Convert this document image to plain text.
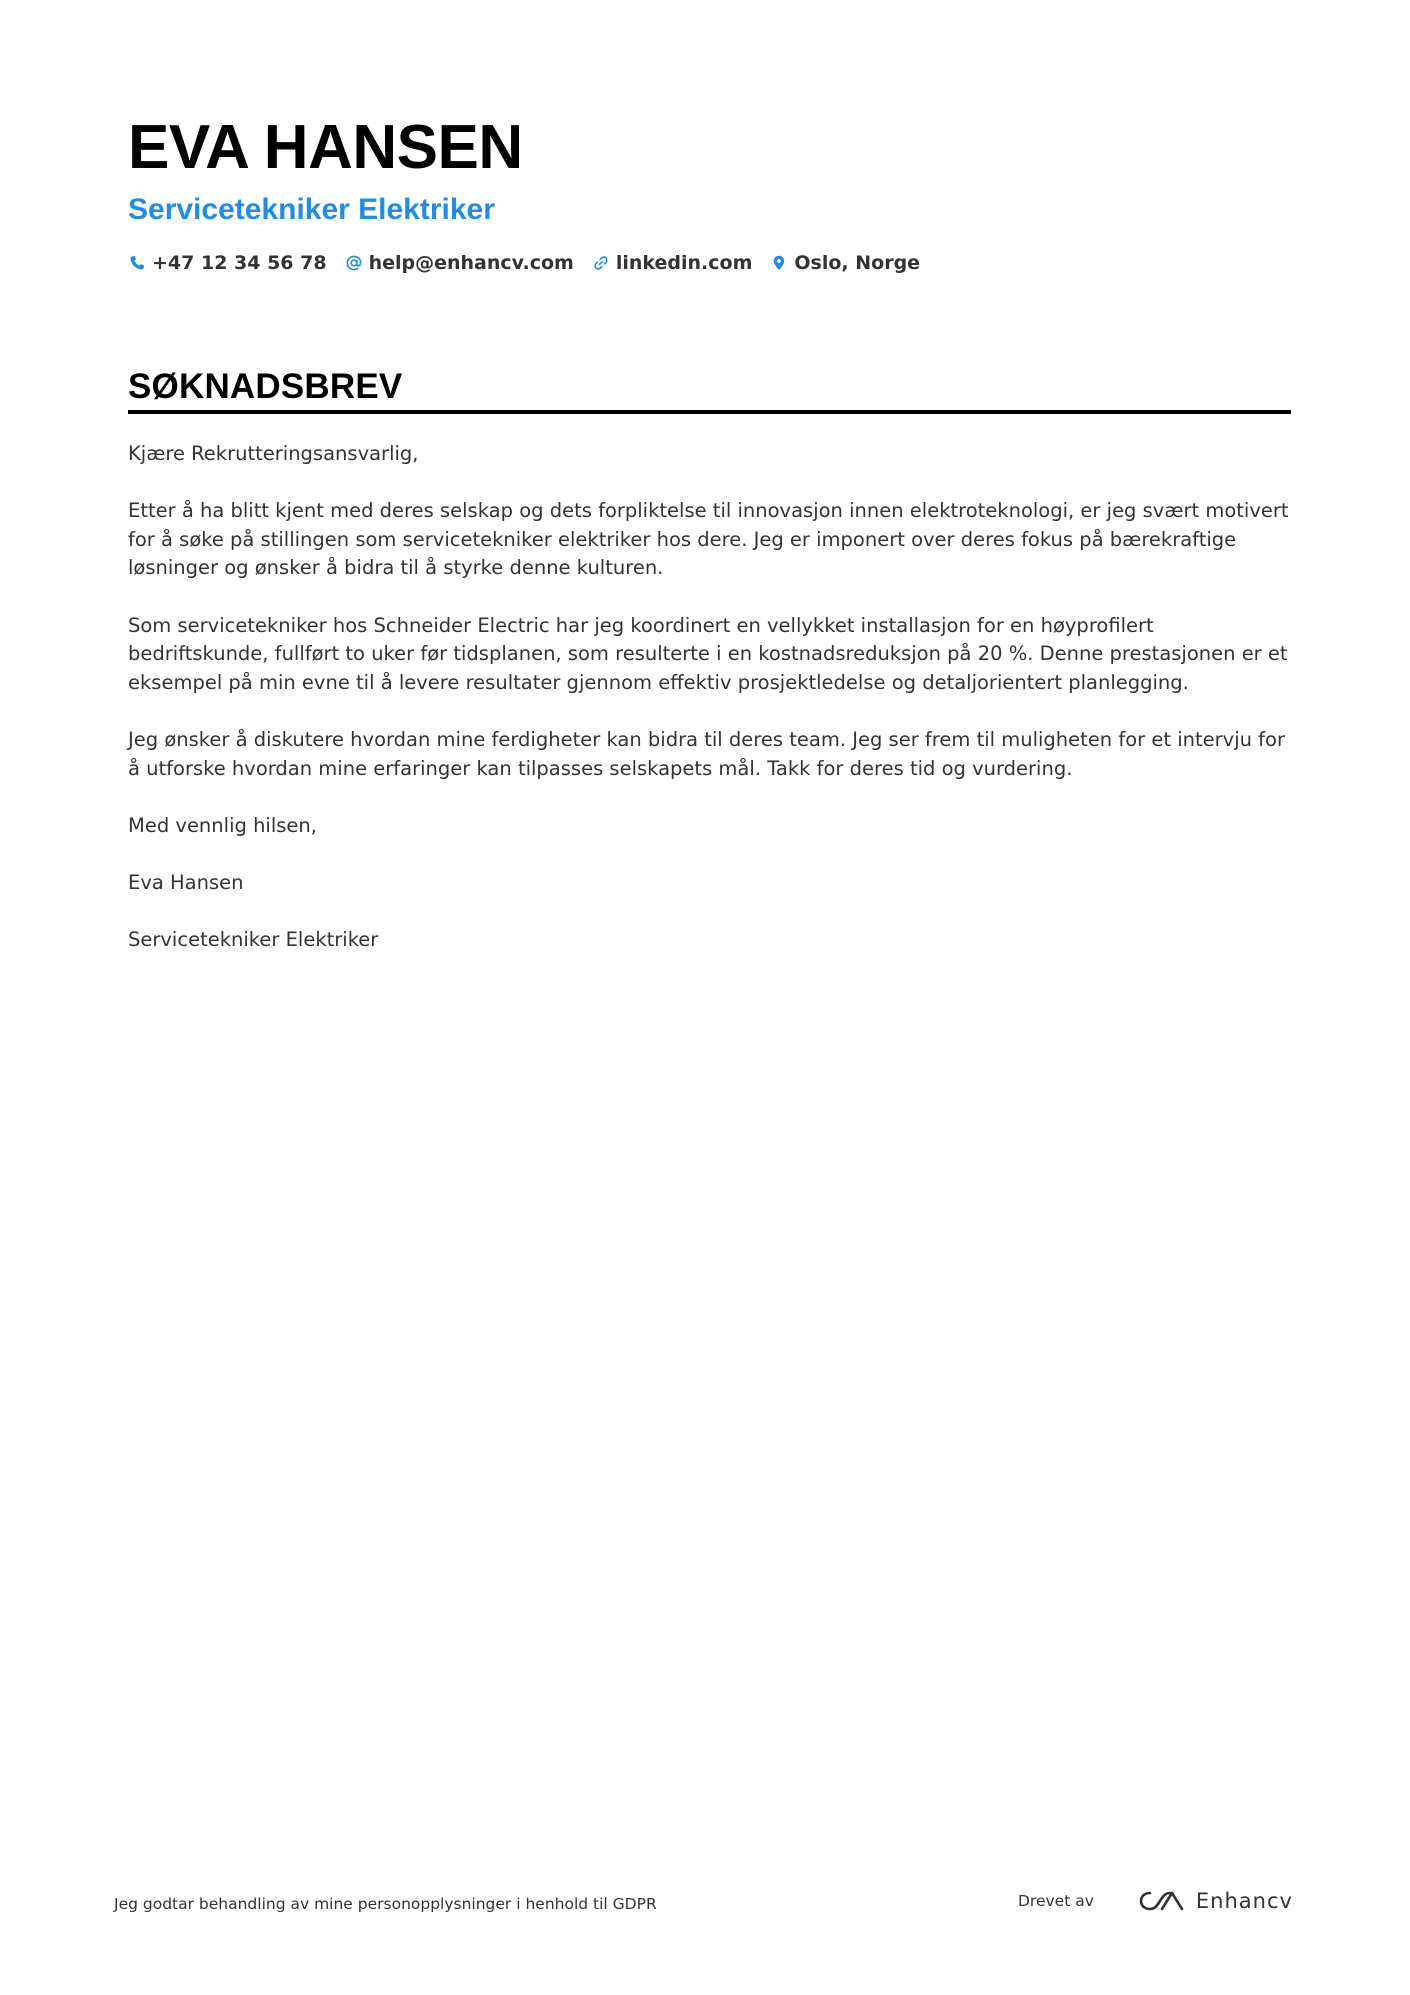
EVA HANSEN
Servicetekniker Elektriker
+47 12 34 56 78 help@enhancv.com linkedin.com Oslo, Norge
SØKNADSBREV

Kjære Rekrutteringsansvarlig,

Etter å ha blitt kjent med deres selskap og dets forpliktelse til innovasjon innen elektroteknologi, er jeg svært motivert for å søke på stillingen som servicetekniker elektriker hos dere. Jeg er imponert over deres fokus på bærekraftige løsninger og ønsker å bidra til å styrke denne kulturen.

Som servicetekniker hos Schneider Electric har jeg koordinert en vellykket installasjon for en høyprofilert bedriftskunde, fullført to uker før tidsplanen, som resulterte i en kostnadsreduksjon på 20 %. Denne prestasjonen er et eksempel på min evne til å levere resultater gjennom effektiv prosjektledelse og detaljorientert planlegging.

Jeg ønsker å diskutere hvordan mine ferdigheter kan bidra til deres team. Jeg ser frem til muligheten for et intervju for å utforske hvordan mine erfaringer kan tilpasses selskapets mål. Takk for deres tid og vurdering.

Med vennlig hilsen,

Eva Hansen

Servicetekniker Elektriker

Jeg godtar behandling av mine personopplysninger i henhold til GDPR	Drevet av	Enhancv
